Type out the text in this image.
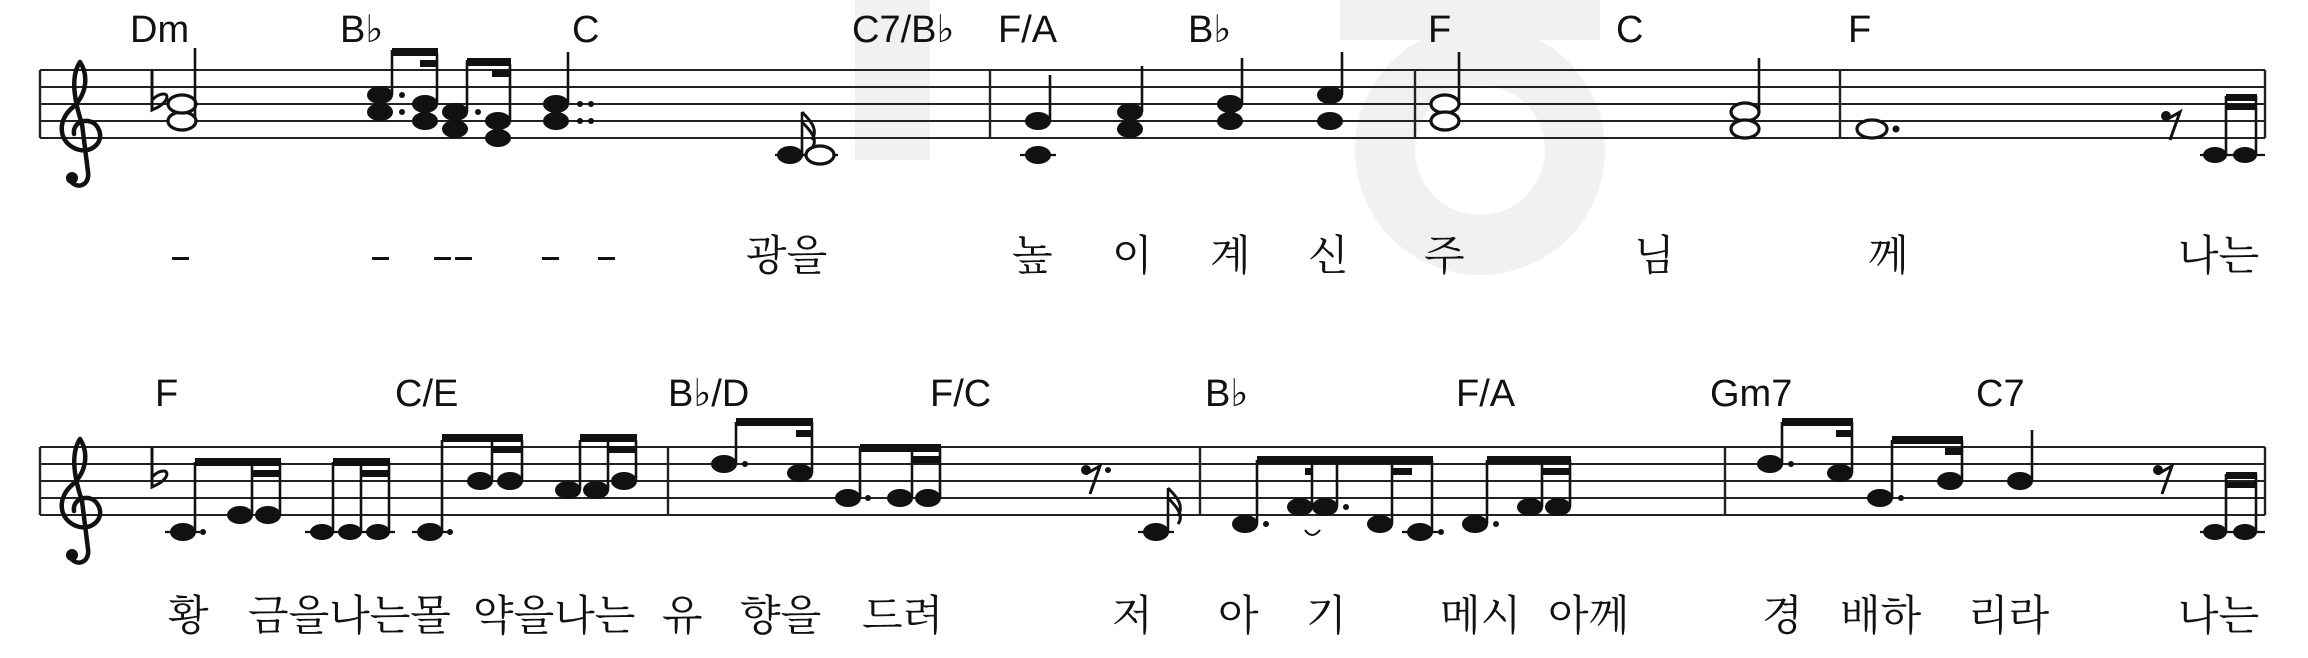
Dm	B♭	C	C7/B♭ F/A	B♭	F	C	F
–	– –– – –	광을	높 이 계 신 주	님	께	나는
F	C/E	B♭/D	F/C	B♭	F/A	Gm7	C7
황 금을나는몰 약을나는 유 향을 드려	저 아 기 메시 아께	경 배하 리라	나는
